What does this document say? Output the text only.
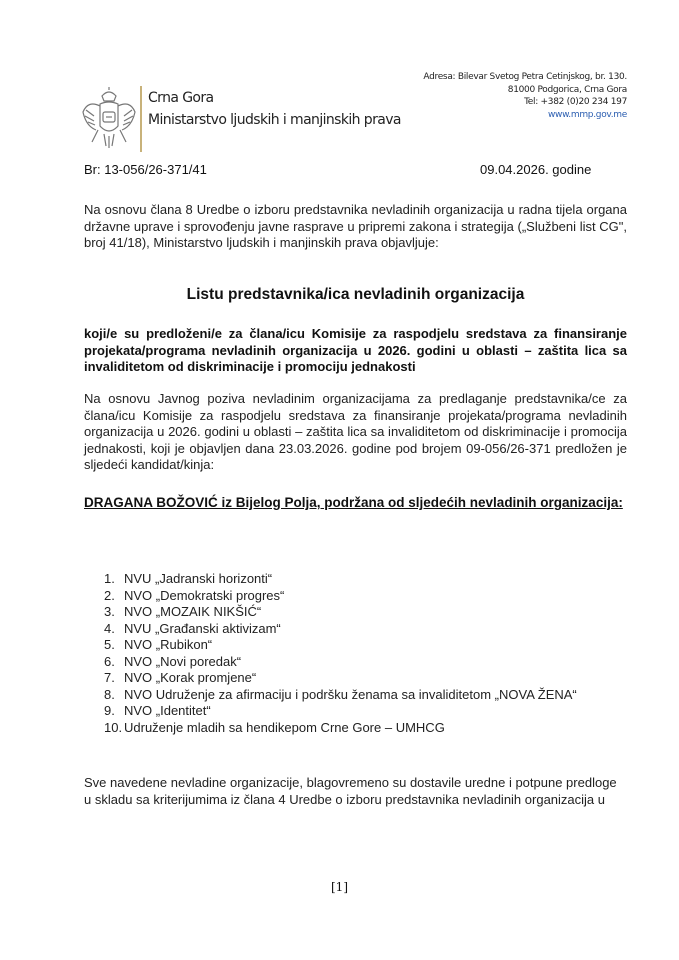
Crna Gora
Ministarstvo ljudskih i manjinskih prava
Adresa: Bilevar Svetog Petra Cetinjskog, br. 130.
81000 Podgorica, Crna Gora
Tel: +382 (0)20 234 197
www.mmp.gov.me
Br: 13-056/26-371/41	09.04.2026. godine
Na osnovu člana 8 Uredbe o izboru predstavnika nevladinih organizacija u radna tijela organa državne uprave i sprovođenju javne rasprave u pripremi zakona i strategija („Službeni list CG", broj 41/18), Ministarstvo ljudskih i manjinskih prava objavljuje:
Listu predstavnika/ica nevladinih organizacija
koji/e su predloženi/e za člana/icu Komisije za raspodjelu sredstava za finansiranje projekata/programa nevladinih organizacija u 2026. godini u oblasti – zaštita lica sa invaliditetom od diskriminacije i promociju jednakosti
Na osnovu Javnog poziva nevladinim organizacijama za predlaganje predstavnika/ce za člana/icu Komisije za raspodjelu sredstava za finansiranje projekata/programa nevladinih organizacija u 2026. godini u oblasti – zaštita lica sa invaliditetom od diskriminacije i promocija jednakosti, koji je objavljen dana 23.03.2026. godine pod brojem 09-056/26-371 predložen je sljedeći kandidat/kinja:
DRAGANA BOŽOVIĆ iz Bijelog Polja, podržana od sljedećih nevladinih organizacija:
1. NVU „Jadranski horizonti“
2. NVO „Demokratski progres“
3. NVO „MOZAIK NIKŠIĆ“
4. NVU „Građanski aktivizam“
5. NVO „Rubikon“
6. NVO „Novi poredak“
7. NVO „Korak promjene“
8. NVO Udruženje za afirmaciju i podršku ženama sa invaliditetom „NOVA ŽENA“
9. NVO „Identitet“
10. Udruženje mladih sa hendikepom Crne Gore – UMHCG
Sve navedene nevladine organizacije, blagovremeno su dostavile uredne i potpune predloge u skladu sa kriterijumima iz člana 4 Uredbe o izboru predstavnika nevladinih organizacija u
[1]
